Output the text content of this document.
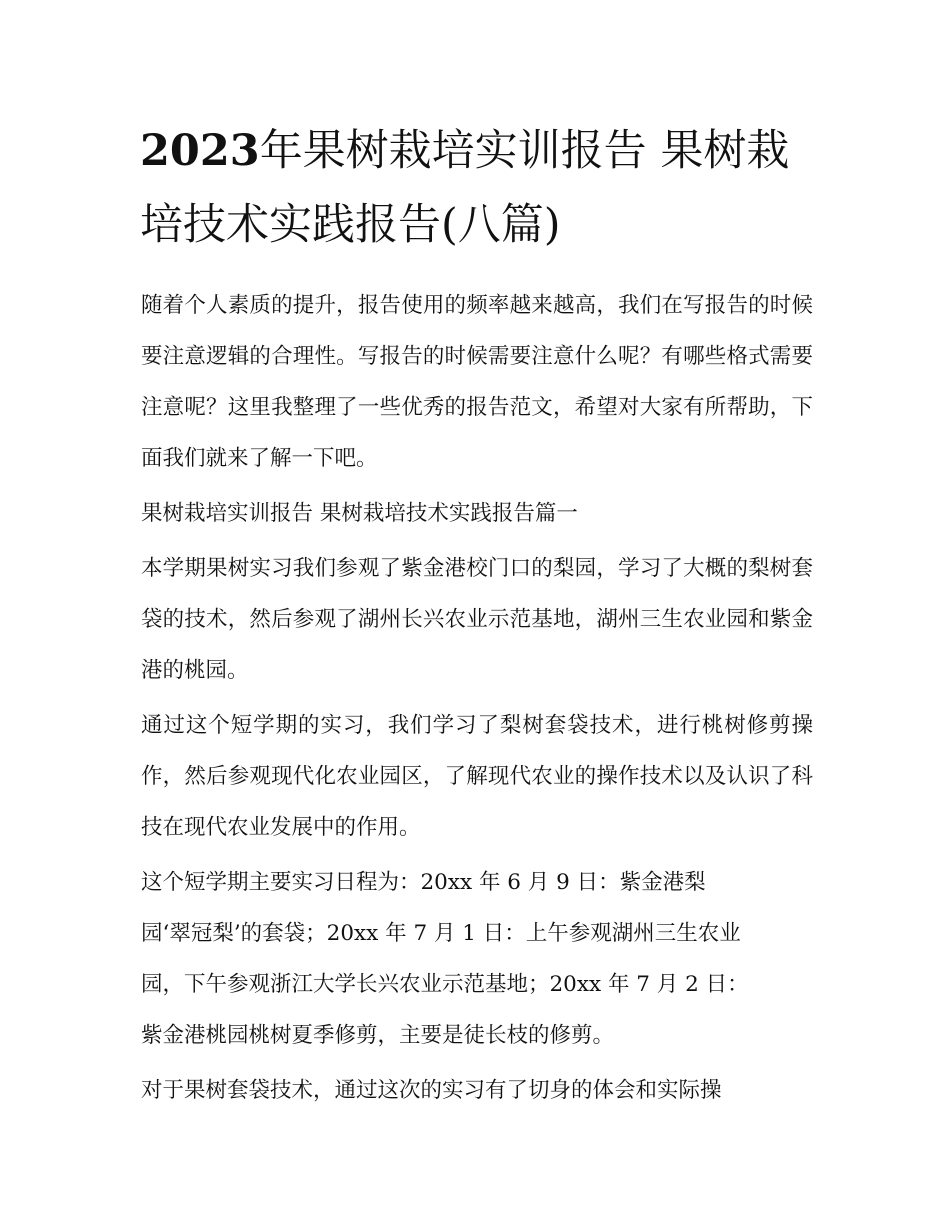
2023年果树栽培实训报告 果树栽培技术实践报告(八篇)

随着个人素质的提升，报告使用的频率越来越高，我们在写报告的时候要注意逻辑的合理性。写报告的时候需要注意什么呢？有哪些格式需要注意呢？这里我整理了一些优秀的报告范文，希望对大家有所帮助，下面我们就来了解一下吧。

果树栽培实训报告 果树栽培技术实践报告篇一

本学期果树实习我们参观了紫金港校门口的梨园，学习了大概的梨树套袋的技术，然后参观了湖州长兴农业示范基地，湖州三生农业园和紫金港的桃园。

通过这个短学期的实习，我们学习了梨树套袋技术，进行桃树修剪操作，然后参观现代化农业园区，了解现代农业的操作技术以及认识了科技在现代农业发展中的作用。

这个短学期主要实习日程为：20xx 年 6 月 9 日：紫金港梨
园‘翠冠梨’的套袋；20xx 年 7 月 1 日：上午参观湖州三生农业
园，下午参观浙江大学长兴农业示范基地；20xx 年 7 月 2 日：
紫金港桃园桃树夏季修剪，主要是徒长枝的修剪。

对于果树套袋技术，通过这次的实习有了切身的体会和实际操
